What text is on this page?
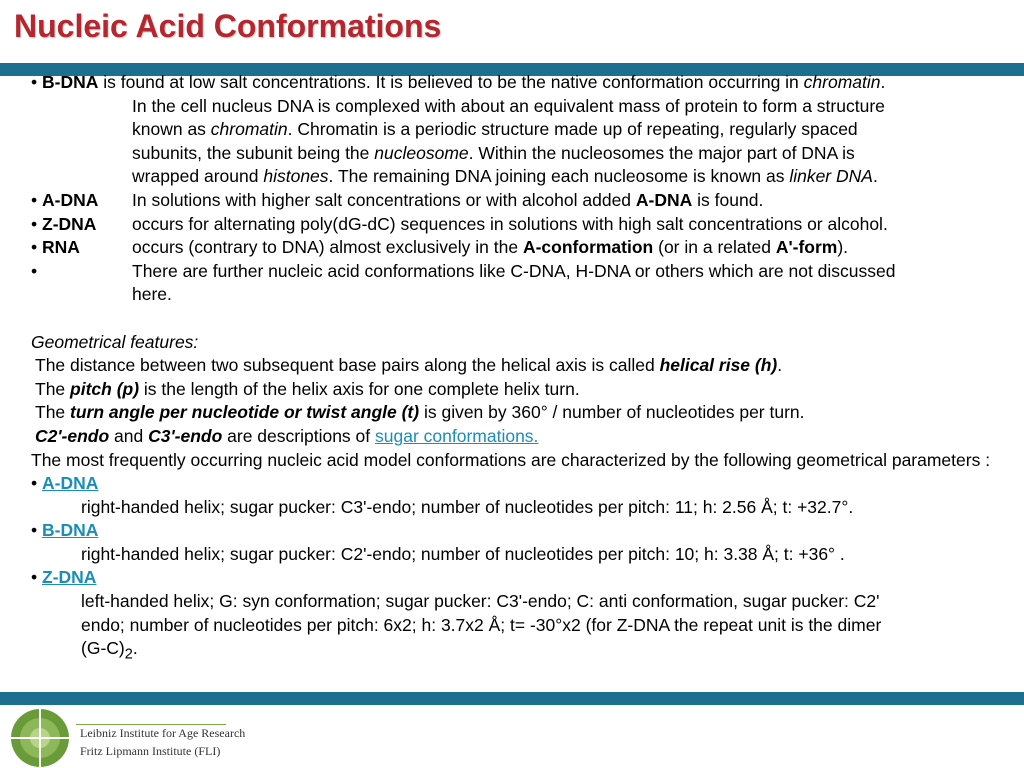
Nucleic Acid Conformations
• B-DNA is found at low salt concentrations. It is believed to be the native conformation occurring in chromatin.
In the cell nucleus DNA is complexed with about an equivalent mass of protein to form a structure
known as chromatin. Chromatin is a periodic structure made up of repeating, regularly spaced
subunits, the subunit being the nucleosome. Within the nucleosomes the major part of DNA is
wrapped around histones. The remaining DNA joining each nucleosome is known as linker DNA.
• A-DNA In solutions with higher salt concentrations or with alcohol added A-DNA is found.
• Z-DNA occurs for alternating poly(dG-dC) sequences in solutions with high salt concentrations or alcohol.
• RNA	occurs (contrary to DNA) almost exclusively in the A-conformation (or in a related A'-form).
•	There are further nucleic acid conformations like C-DNA, H-DNA or others which are not discussed
here.
Geometrical features:
The distance between two subsequent base pairs along the helical axis is called helical rise (h).
The pitch (p) is the length of the helix axis for one complete helix turn.
The turn angle per nucleotide or twist angle (t) is given by 360° / number of nucleotides per turn.
C2'-endo and C3'-endo are descriptions of sugar conformations.
The most frequently occurring nucleic acid model conformations are characterized by the following geometrical parameters :
• A-DNA
right-handed helix; sugar pucker: C3'-endo; number of nucleotides per pitch: 11; h: 2.56 Å; t: +32.7°.
• B-DNA
right-handed helix; sugar pucker: C2'-endo; number of nucleotides per pitch: 10; h: 3.38 Å; t: +36° .
• Z-DNA
left-handed helix; G: syn conformation; sugar pucker: C3'-endo; C: anti conformation, sugar pucker: C2'
endo; number of nucleotides per pitch: 6x2; h: 3.7x2 Å; t= -30°x2 (for Z-DNA the repeat unit is the dimer
$(G-C)_2$.
Leibniz Institute for Age Research
Fritz Lipmann Institute (FLI)
